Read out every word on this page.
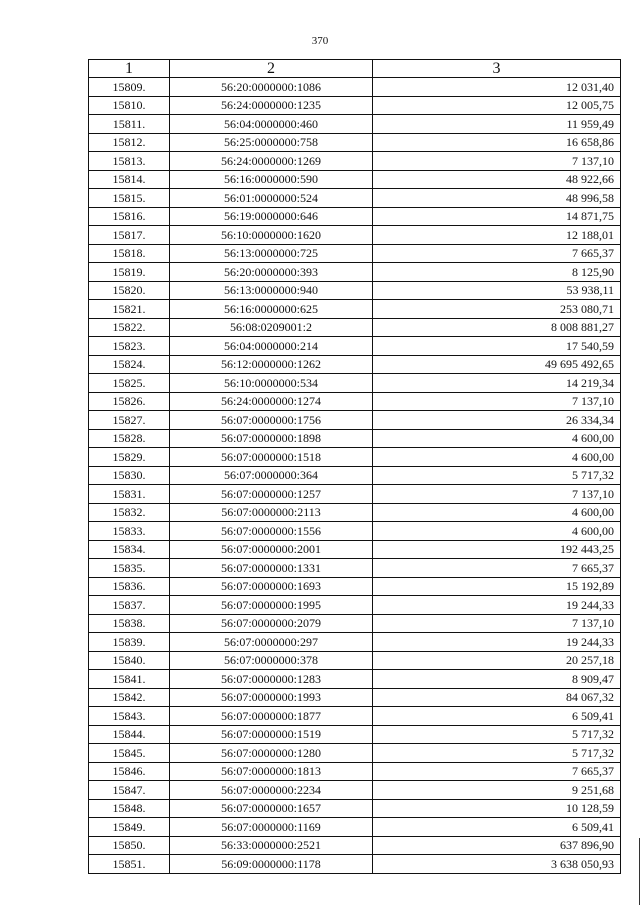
370
1	2	3
15809.	56:20:0000000:1086	12 031,40
15810.	56:24:0000000:1235	12 005,75
15811.	56:04:0000000:460	11 959,49
15812.	56:25:0000000:758	16 658,86
15813.	56:24:0000000:1269	7 137,10
15814.	56:16:0000000:590	48 922,66
15815.	56:01:0000000:524	48 996,58
15816.	56:19:0000000:646	14 871,75
15817.	56:10:0000000:1620	12 188,01
15818.	56:13:0000000:725	7 665,37
15819.	56:20:0000000:393	8 125,90
15820.	56:13:0000000:940	53 938,11
15821.	56:16:0000000:625	253 080,71
15822.	56:08:0209001:2	8 008 881,27
15823.	56:04:0000000:214	17 540,59
15824.	56:12:0000000:1262	49 695 492,65
15825.	56:10:0000000:534	14 219,34
15826.	56:24:0000000:1274	7 137,10
15827.	56:07:0000000:1756	26 334,34
15828.	56:07:0000000:1898	4 600,00
15829.	56:07:0000000:1518	4 600,00
15830.	56:07:0000000:364	5 717,32
15831.	56:07:0000000:1257	7 137,10
15832.	56:07:0000000:2113	4 600,00
15833.	56:07:0000000:1556	4 600,00
15834.	56:07:0000000:2001	192 443,25
15835.	56:07:0000000:1331	7 665,37
15836.	56:07:0000000:1693	15 192,89
15837.	56:07:0000000:1995	19 244,33
15838.	56:07:0000000:2079	7 137,10
15839.	56:07:0000000:297	19 244,33
15840.	56:07:0000000:378	20 257,18
15841.	56:07:0000000:1283	8 909,47
15842.	56:07:0000000:1993	84 067,32
15843.	56:07:0000000:1877	6 509,41
15844.	56:07:0000000:1519	5 717,32
15845.	56:07:0000000:1280	5 717,32
15846.	56:07:0000000:1813	7 665,37
15847.	56:07:0000000:2234	9 251,68
15848.	56:07:0000000:1657	10 128,59
15849.	56:07:0000000:1169	6 509,41
15850.	56:33:0000000:2521	637 896,90
15851.	56:09:0000000:1178	3 638 050,93
